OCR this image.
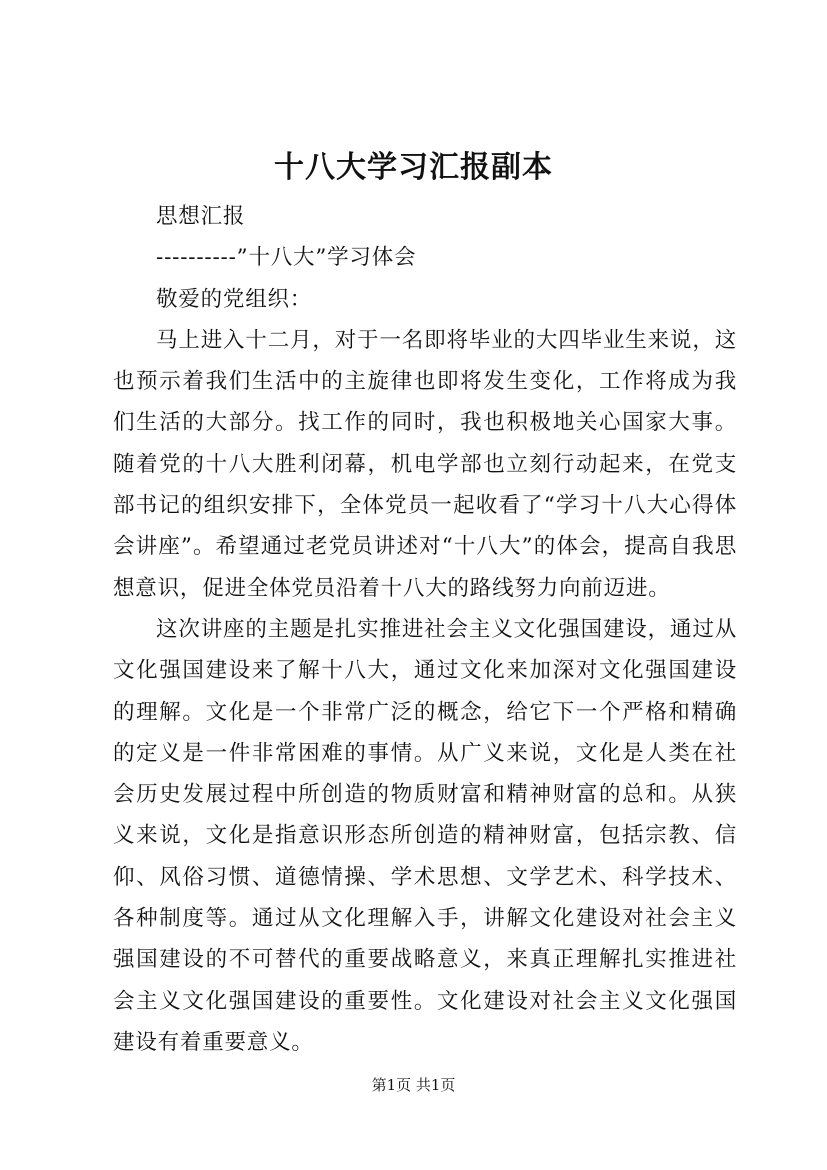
十八大学习汇报副本

思想汇报

----------”十八大”学习体会

敬爱的党组织：

马上进入十二月，对于一名即将毕业的大四毕业生来说，这也预示着我们生活中的主旋律也即将发生变化，工作将成为我们生活的大部分。找工作的同时，我也积极地关心国家大事。随着党的十八大胜利闭幕，机电学部也立刻行动起来，在党支部书记的组织安排下，全体党员一起收看了“学习十八大心得体会讲座”。希望通过老党员讲述对“十八大”的体会，提高自我思想意识，促进全体党员沿着十八大的路线努力向前迈进。

这次讲座的主题是扎实推进社会主义文化强国建设，通过从文化强国建设来了解十八大，通过文化来加深对文化强国建设的理解。文化是一个非常广泛的概念，给它下一个严格和精确的定义是一件非常困难的事情。从广义来说，文化是人类在社会历史发展过程中所创造的物质财富和精神财富的总和。从狭义来说，文化是指意识形态所创造的精神财富，包括宗教、信仰、风俗习惯、道德情操、学术思想、文学艺术、科学技术、各种制度等。通过从文化理解入手，讲解文化建设对社会主义强国建设的不可替代的重要战略意义，来真正理解扎实推进社会主义文化强国建设的重要性。文化建设对社会主义文化强国建设有着重要意义。

第1页 共1页
